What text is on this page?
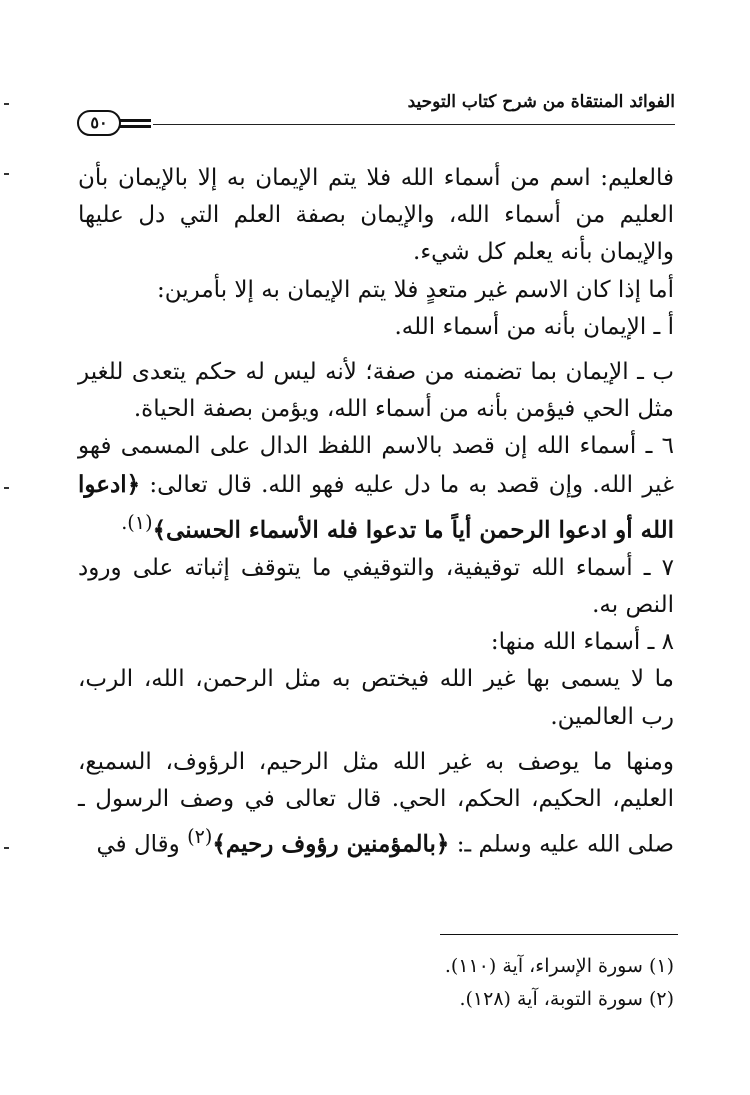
الفوائد المنتقاة من شرح كتاب التوحيد
٥٠

فالعليم: اسم من أسماء الله فلا يتم الإيمان به إلا بالإيمان بأن العليم من أسماء الله، والإيمان بصفة العلم التي دل عليها والإيمان بأنه يعلم كل شيء.

أما إذا كان الاسم غير متعدٍ فلا يتم الإيمان به إلا بأمرين:

أ ـ الإيمان بأنه من أسماء الله.

ب ـ الإيمان بما تضمنه من صفة؛ لأنه ليس له حكم يتعدى للغير مثل الحي فيؤمن بأنه من أسماء الله، ويؤمن بصفة الحياة.

٦ ـ أسماء الله إن قصد بالاسم اللفظ الدال على المسمى فهو غير الله. وإن قصد به ما دل عليه فهو الله. قال تعالى: ﴿ادعوا الله أو ادعوا الرحمن أياً ما تدعوا فله الأسماء الحسنى﴾$^{(١).}$

٧ ـ أسماء الله توقيفية، والتوقيفي ما يتوقف إثباته على ورود النص به.

٨ ـ أسماء الله منها:

ما لا يسمى بها غير الله فيختص به مثل الرحمن، الله، الرب، رب العالمين.

ومنها ما يوصف به غير الله مثل الرحيم، الرؤوف، السميع، العليم، الحكيم، الحكم، الحي. قال تعالى في وصف الرسول ـ صلى الله عليه وسلم ـ: ﴿بالمؤمنين رؤوف رحيم﴾$^{(٢)}$ وقال في

(١) سورة الإسراء، آية (١١٠).

(٢) سورة التوبة، آية (١٢٨).
